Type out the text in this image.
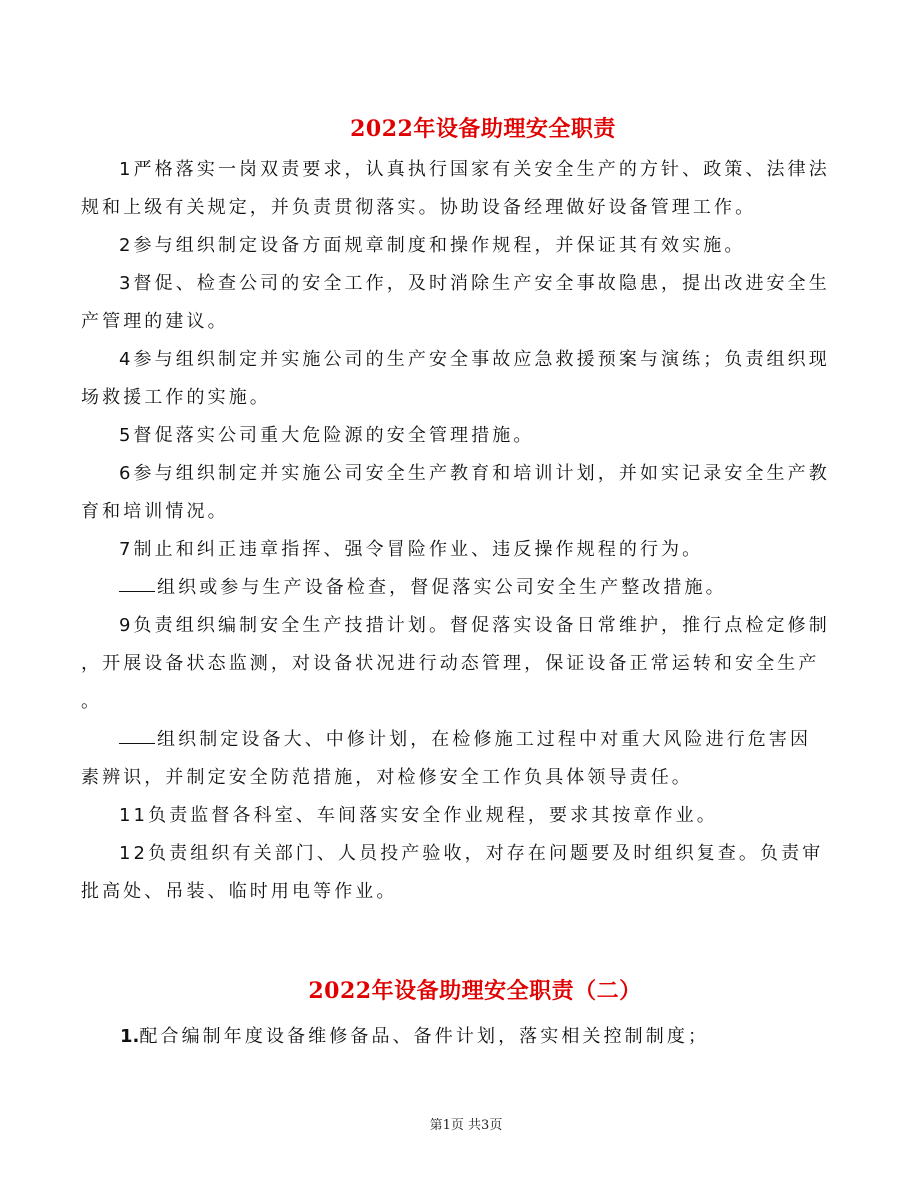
2022年设备助理安全职责

1严格落实一岗双责要求，认真执行国家有关安全生产的方针、政策、法律法
规和上级有关规定，并负责贯彻落实。协助设备经理做好设备管理工作。

2参与组织制定设备方面规章制度和操作规程，并保证其有效实施。

3督促、检查公司的安全工作，及时消除生产安全事故隐患，提出改进安全生
产管理的建议。

4参与组织制定并实施公司的生产安全事故应急救援预案与演练；负责组织现
场救援工作的实施。

5督促落实公司重大危险源的安全管理措施。

6参与组织制定并实施公司安全生产教育和培训计划，并如实记录安全生产教
育和培训情况。

7制止和纠正违章指挥、强令冒险作业、违反操作规程的行为。

组织或参与生产设备检查，督促落实公司安全生产整改措施。

9负责组织编制安全生产技措计划。督促落实设备日常维护，推行点检定修制
，开展设备状态监测，对设备状况进行动态管理，保证设备正常运转和安全生产
。

组织制定设备大、中修计划，在检修施工过程中对重大风险进行危害因
素辨识，并制定安全防范措施，对检修安全工作负具体领导责任。

11负责监督各科室、车间落实安全作业规程，要求其按章作业。

12负责组织有关部门、人员投产验收，对存在问题要及时组织复查。负责审
批高处、吊装、临时用电等作业。

2022年设备助理安全职责（二）
1.配合编制年度设备维修备品、备件计划，落实相关控制制度；
第1页 共3页
